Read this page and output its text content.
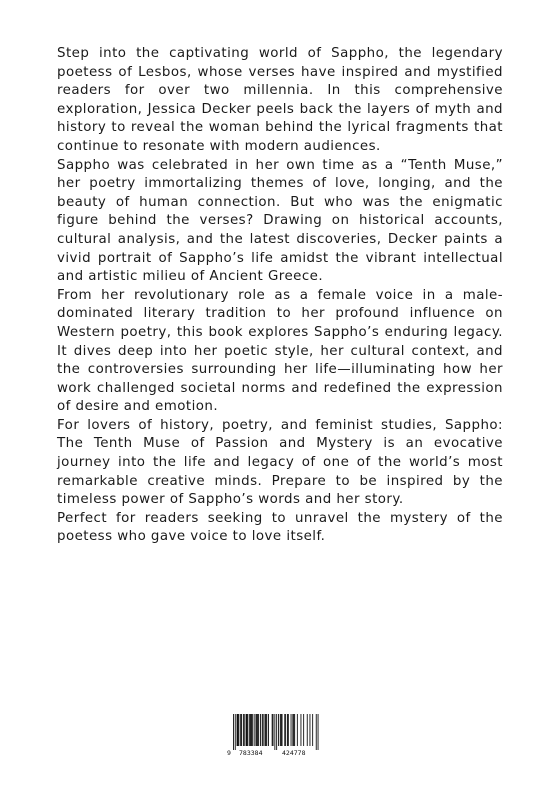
Step into the captivating world of Sappho, the legendary poetess of Lesbos, whose verses have inspired and mystified readers for over two millennia. In this comprehensive exploration, Jessica Decker peels back the layers of myth and history to reveal the woman behind the lyrical fragments that continue to resonate with modern audiences.

Sappho was celebrated in her own time as a “Tenth Muse,” her poetry immortalizing themes of love, longing, and the beauty of human connection. But who was the enigmatic figure behind the verses? Drawing on historical accounts, cultural analysis, and the latest discoveries, Decker paints a vivid portrait of Sappho’s life amidst the vibrant intellectual and artistic milieu of Ancient Greece.

From her revolutionary role as a female voice in a male-dominated literary tradition to her profound influence on Western poetry, this book explores Sappho’s enduring legacy. It dives deep into her poetic style, her cultural context, and the controversies surrounding her life—illuminating how her work challenged societal norms and redefined the expression of desire and emotion.

For lovers of history, poetry, and feminist studies, Sappho: The Tenth Muse of Passion and Mystery is an evocative journey into the life and legacy of one of the world’s most remarkable creative minds. Prepare to be inspired by the timeless power of Sappho’s words and her story.

Perfect for readers seeking to unravel the mystery of the poetess who gave voice to love itself.

9 783384	424778
